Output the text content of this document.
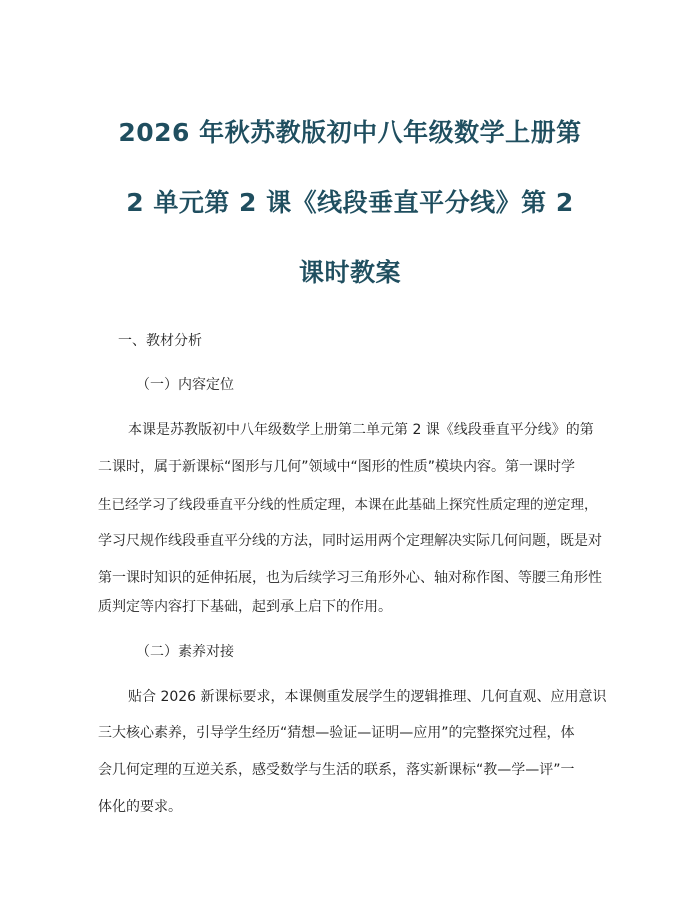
2026 年秋苏教版初中八年级数学上册第
2 单元第 2 课《线段垂直平分线》第 2
课时教案
一、教材分析
（一）内容定位
本课是苏教版初中八年级数学上册第二单元第 2 课《线段垂直平分线》的第
二课时，属于新课标“图形与几何”领域中“图形的性质”模块内容。第一课时学
生已经学习了线段垂直平分线的性质定理，本课在此基础上探究性质定理的逆定理，
学习尺规作线段垂直平分线的方法，同时运用两个定理解决实际几何问题，既是对
第一课时知识的延伸拓展，也为后续学习三角形外心、轴对称作图、等腰三角形性
质判定等内容打下基础，起到承上启下的作用。
（二）素养对接
贴合 2026 新课标要求，本课侧重发展学生的逻辑推理、几何直观、应用意识
三大核心素养，引导学生经历“猜想—验证—证明—应用”的完整探究过程，体
会几何定理的互逆关系，感受数学与生活的联系，落实新课标“教—学—评”一
体化的要求。
